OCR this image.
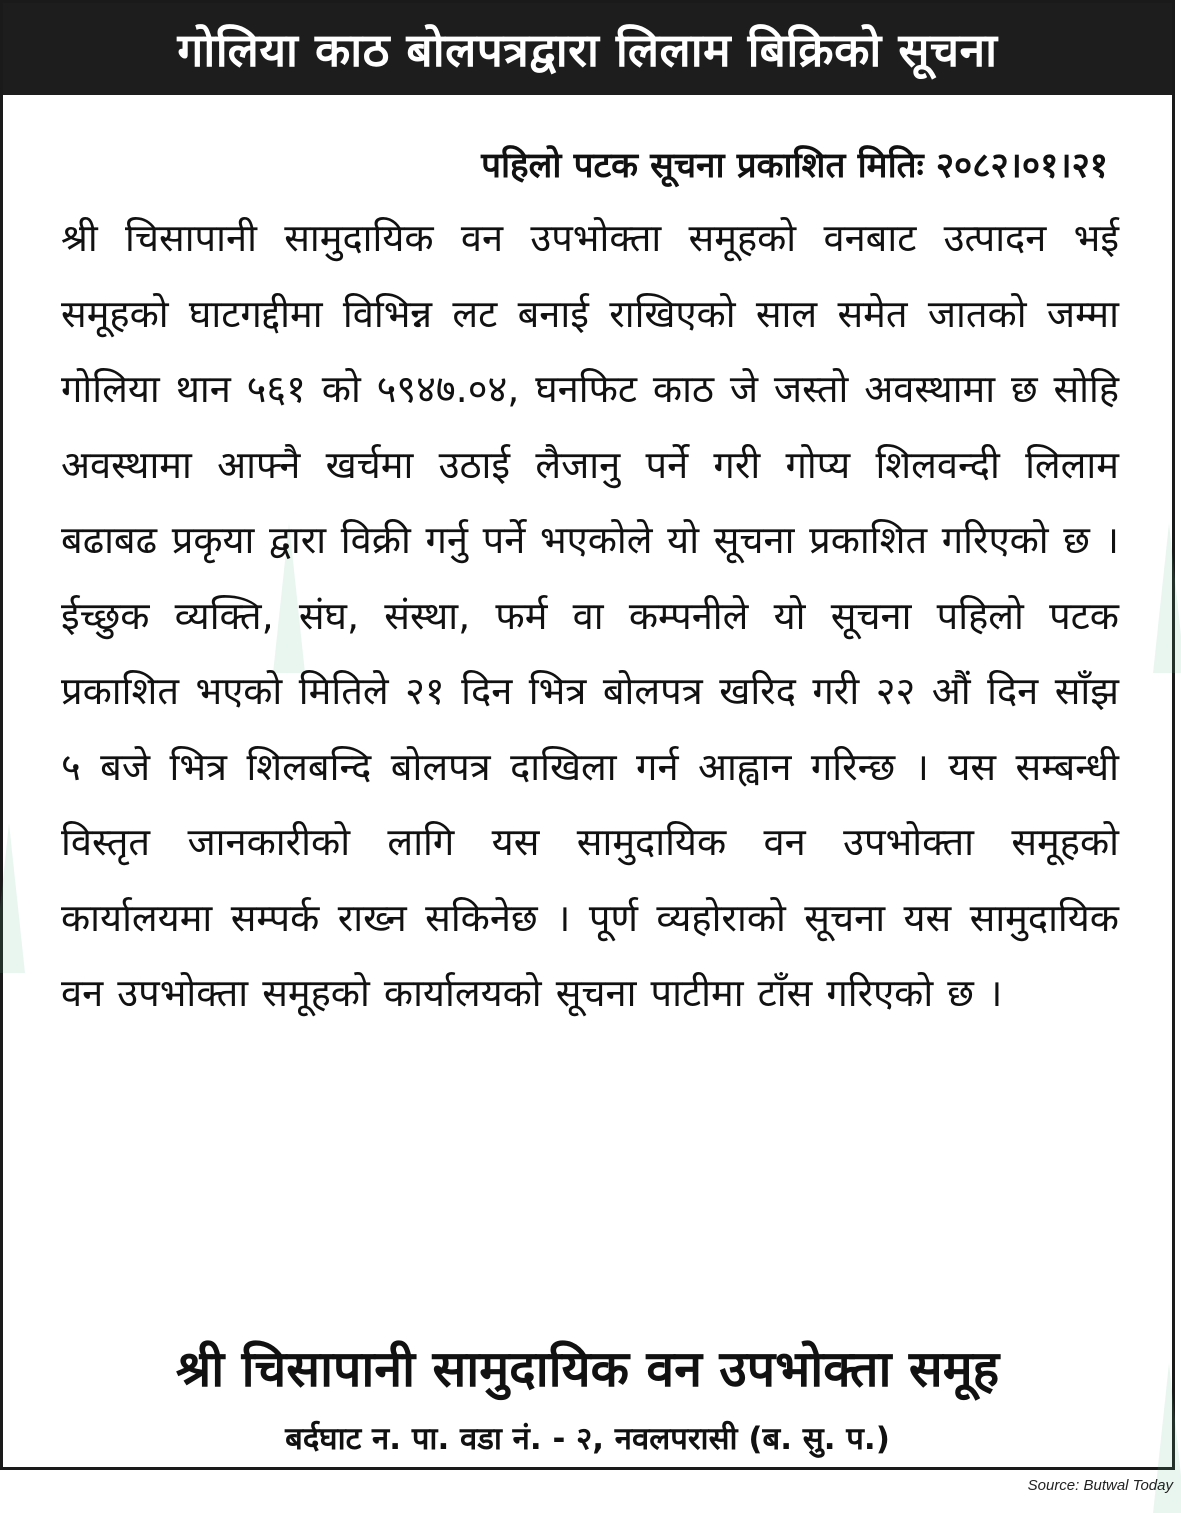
गोलिया काठ बोलपत्रद्वारा लिलाम बिक्रिको सूचना
पहिलो पटक सूचना प्रकाशित मितिः २०८२।०१।२१
श्री चिसापानी सामुदायिक वन उपभोक्ता समूहको वनबाट उत्पादन भई समूहको घाटगद्दीमा विभिन्न लट बनाई राखिएको साल समेत जातको जम्मा गोलिया थान ५६१ को ५९४७.०४, घनफिट काठ जे जस्तो अवस्थामा छ सोहि अवस्थामा आफ्नै खर्चमा उठाई लैजानु पर्ने गरी गोप्य शिलवन्दी लिलाम बढाबढ प्रकृया द्वारा विक्री गर्नु पर्ने भएकोले यो सूचना प्रकाशित गरिएको छ । ईच्छुक व्यक्ति, संघ, संस्था, फर्म वा कम्पनीले यो सूचना पहिलो पटक प्रकाशित भएको मितिले २१ दिन भित्र बोलपत्र खरिद गरी २२ औं दिन साँझ ५ बजे भित्र शिलबन्दि बोलपत्र दाखिला गर्न आह्वान गरिन्छ । यस सम्बन्धी विस्तृत जानकारीको लागि यस सामुदायिक वन उपभोक्ता समूहको कार्यालयमा सम्पर्क राख्न सकिनेछ । पूर्ण व्यहोराको सूचना यस सामुदायिक वन उपभोक्ता समूहको कार्यालयको सूचना पाटीमा टाँस गरिएको छ ।
श्री चिसापानी सामुदायिक वन उपभोक्ता समूह
बर्दघाट न. पा. वडा नं. - २, नवलपरासी (ब. सु. प.)
Source: Butwal Today
